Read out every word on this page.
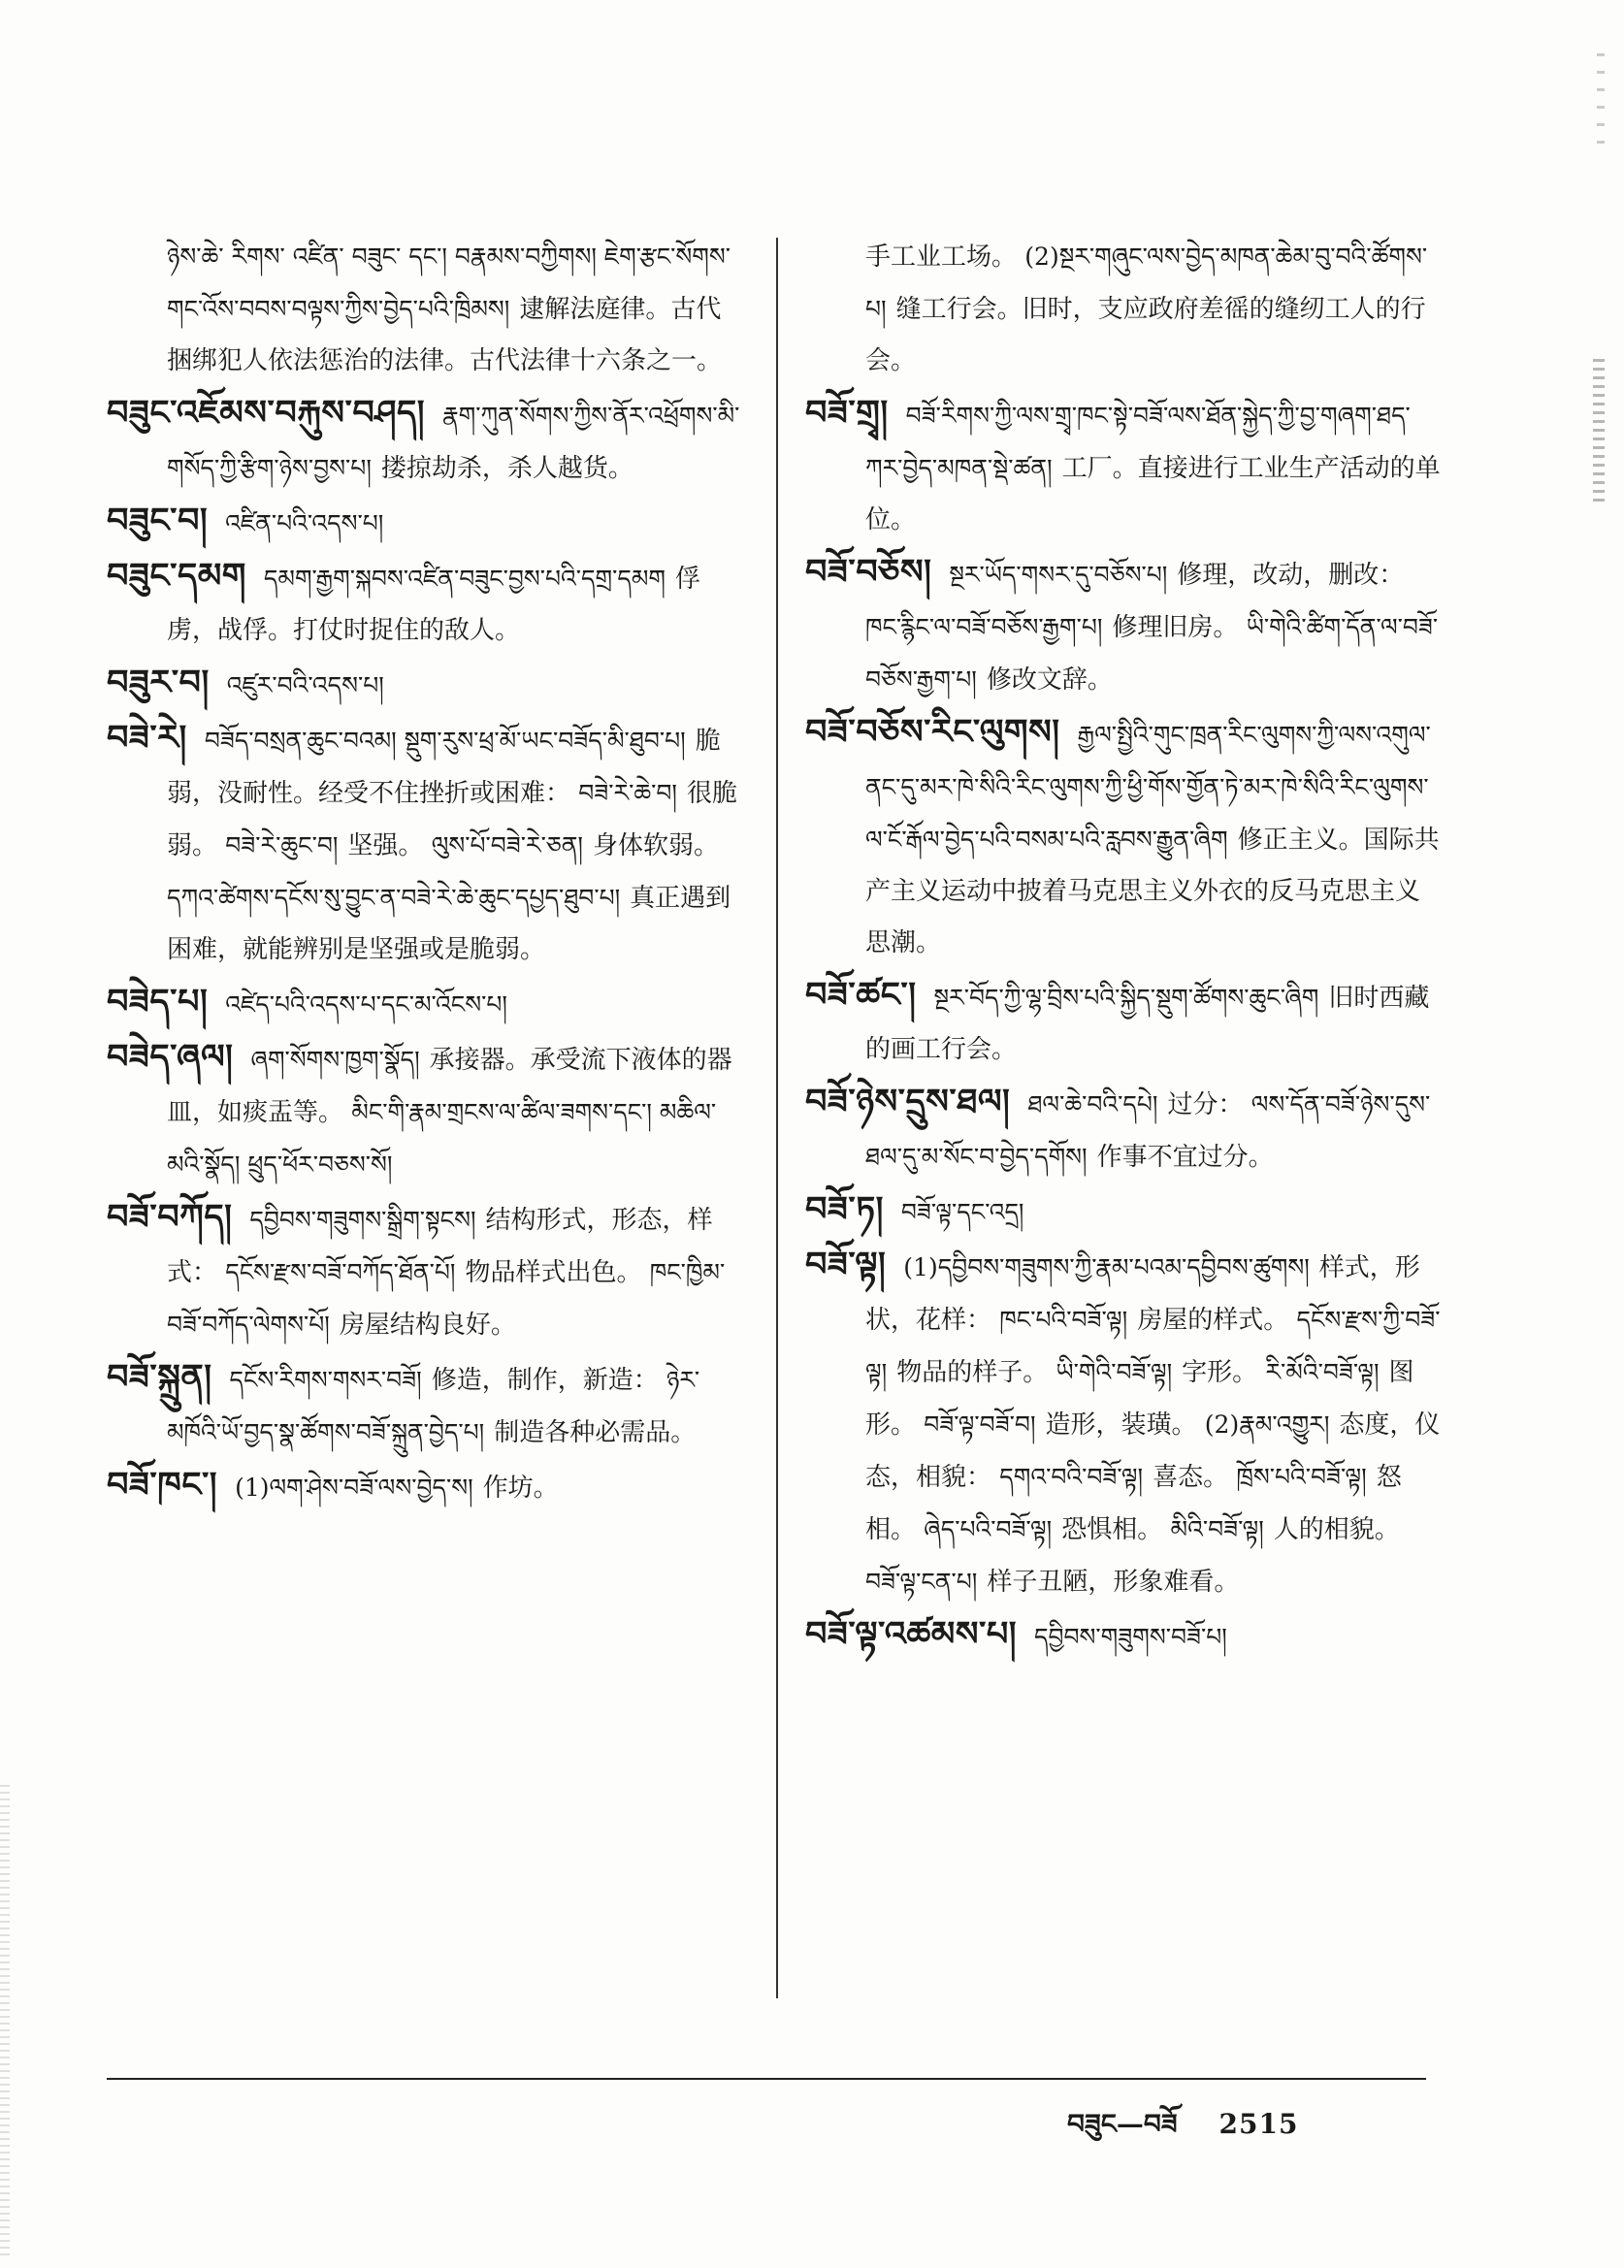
ཉེས་ཆེ་ རིགས་ འཛིན་ བཟུང་ དང་། བརྣམས་བཀྱིགས། ཇེག་རྩང་སོགས་གང་འོས་བབས་བལྟས་ཀྱིས་བྱེད་པའི་ཁྲིམས། 逮解法庭律。古代捆绑犯人依法惩治的法律。古代法律十六条之一。

བཟུང་འཇོམས་བརྐུས་བཤད། རྣག་ཀུན་སོགས་ཀྱིས་ནོར་འཕྲོགས་མི་གསོད་ཀྱི་རྩིག་ཉེས་བྱས་པ། 搂掠劫杀，杀人越货。

བཟུང་བ། འཛིན་པའི་འདས་པ།

བཟུང་དམག དམག་རྒྱག་སྐབས་འཛིན་བཟུང་བྱས་པའི་དགྲ་དམག 俘虏，战俘。打仗时捉住的敌人。

བཟུར་བ། འཛུར་བའི་འདས་པ།

བཟེ་རེ། བཟོད་བསྲན་ཆུང་བའམ། སྡུག་རུས་ཕྲ་མོ་ཡང་བཟོད་མི་ཐུབ་པ། 脆弱，没耐性。经受不住挫折或困难： བཟེ་རེ་ཆེ་བ། 很脆弱。 བཟེ་རེ་ཆུང་བ། 坚强。 ལུས་པོ་བཟེ་རེ་ཅན། 身体软弱。 དཀའ་ཚེགས་དངོས་སུ་བྱུང་ན་བཟེ་རེ་ཆེ་ཆུང་དཔྱད་ཐུབ་པ། 真正遇到困难，就能辨别是坚强或是脆弱。

བཟེད་པ། འཛེད་པའི་འདས་པ་དང་མ་འོངས་པ།

བཟེད་ཞལ། ཞག་སོགས་ཁྱག་སྣོད། 承接器。承受流下液体的器皿，如痰盂等。 མིང་གི་རྣམ་གྲངས་ལ་ཚིལ་ཟགས་དང་། མཆིལ་མའི་སྣོད། ཕྲུད་ཕོར་བཅས་སོ།

བཟོ་བཀོད། དབྱིབས་གཟུགས་སྒྲིག་སྟངས། 结构形式，形态，样式： དངོས་རྫས་བཟོ་བཀོད་ཐོན་པོ། 物品样式出色。 ཁང་ཁྱིམ་བཟོ་བཀོད་ལེགས་པོ། 房屋结构良好。

བཟོ་སྐྲུན། དངོས་རིགས་གསར་བཟོ། 修造，制作，新造： ཉེར་མཁོའི་ཡོ་བྱད་སྣ་ཚོགས་བཟོ་སྐྲུན་བྱེད་པ། 制造各种必需品。

བཟོ་ཁང་། (1)ལག་ཤེས་བཟོ་ལས་བྱེད་ས། 作坊。

手工业工场。 (2)སྔར་གཞུང་ལས་བྱེད་མཁན་ཆེམ་བུ་བའི་ཚོགས་པ། 缝工行会。旧时，支应政府差徭的缝纫工人的行会。

བཟོ་གྲྭ། བཟོ་རིགས་ཀྱི་ལས་གྲྭ་ཁང་སྟེ་བཟོ་ལས་ཐོན་སྐྱེད་ཀྱི་བྱ་གཞག་ཐད་ཀར་བྱེད་མཁན་སྡེ་ཚན། 工厂。直接进行工业生产活动的单位。

བཟོ་བཅོས། སྔར་ཡོད་གསར་དུ་བཅོས་པ། 修理，改动，删改： ཁང་རྙིང་ལ་བཟོ་བཅོས་རྒྱག་པ། 修理旧房。 ཡི་གེའི་ཚིག་དོན་ལ་བཟོ་བཅོས་རྒྱག་པ། 修改文辞。

བཟོ་བཅོས་རིང་ལུགས། རྒྱལ་སྤྱིའི་གུང་ཁྲན་རིང་ལུགས་ཀྱི་ལས་འགུལ་ནང་དུ་མར་ཁེ་སིའི་རིང་ལུགས་ཀྱི་ཕྱི་གོས་གྱོན་ཏེ་མར་ཁེ་སིའི་རིང་ལུགས་ལ་ངོ་རྒོལ་བྱེད་པའི་བསམ་པའི་རླབས་རྒྱུན་ཞིག 修正主义。国际共产主义运动中披着马克思主义外衣的反马克思主义思潮。

བཟོ་ཚང་། སྔར་བོད་ཀྱི་ལྷ་བྲིས་པའི་སྐྱིད་སྡུག་ཚོགས་ཆུང་ཞིག 旧时西藏的画工行会。

བཟོ་ཉེས་དྲུས་ཐལ། ཐལ་ཆེ་བའི་དཔེ། 过分： ལས་དོན་བཟོ་ཉེས་དུས་ཐལ་དུ་མ་སོང་བ་བྱེད་དགོས། 作事不宜过分。

བཟོ་ཏ། བཟོ་ལྟ་དང་འདྲ།

བཟོ་ལྟ། (1)དབྱིབས་གཟུགས་ཀྱི་རྣམ་པའམ་དབྱིབས་ཚུགས། 样式，形状，花样： ཁང་པའི་བཟོ་ལྟ། 房屋的样式。 དངོས་རྫས་ཀྱི་བཟོ་ལྟ། 物品的样子。 ཡི་གེའི་བཟོ་ལྟ། 字形。 རི་མོའི་བཟོ་ལྟ། 图形。 བཟོ་ལྟ་བཟོ་བ། 造形，装璜。 (2)རྣམ་འགྱུར། 态度，仪态，相貌： དགའ་བའི་བཟོ་ལྟ། 喜态。 ཁྲོས་པའི་བཟོ་ལྟ། 怒相。 ཞེད་པའི་བཟོ་ལྟ། 恐惧相。 མིའི་བཟོ་ལྟ། 人的相貌。 བཟོ་ལྟ་ངན་པ། 样子丑陋，形象难看。

བཟོ་ལྟ་འཚམས་པ། དབྱིབས་གཟུགས་བཟོ་པ།

བཟུང—བཟོ 2515
